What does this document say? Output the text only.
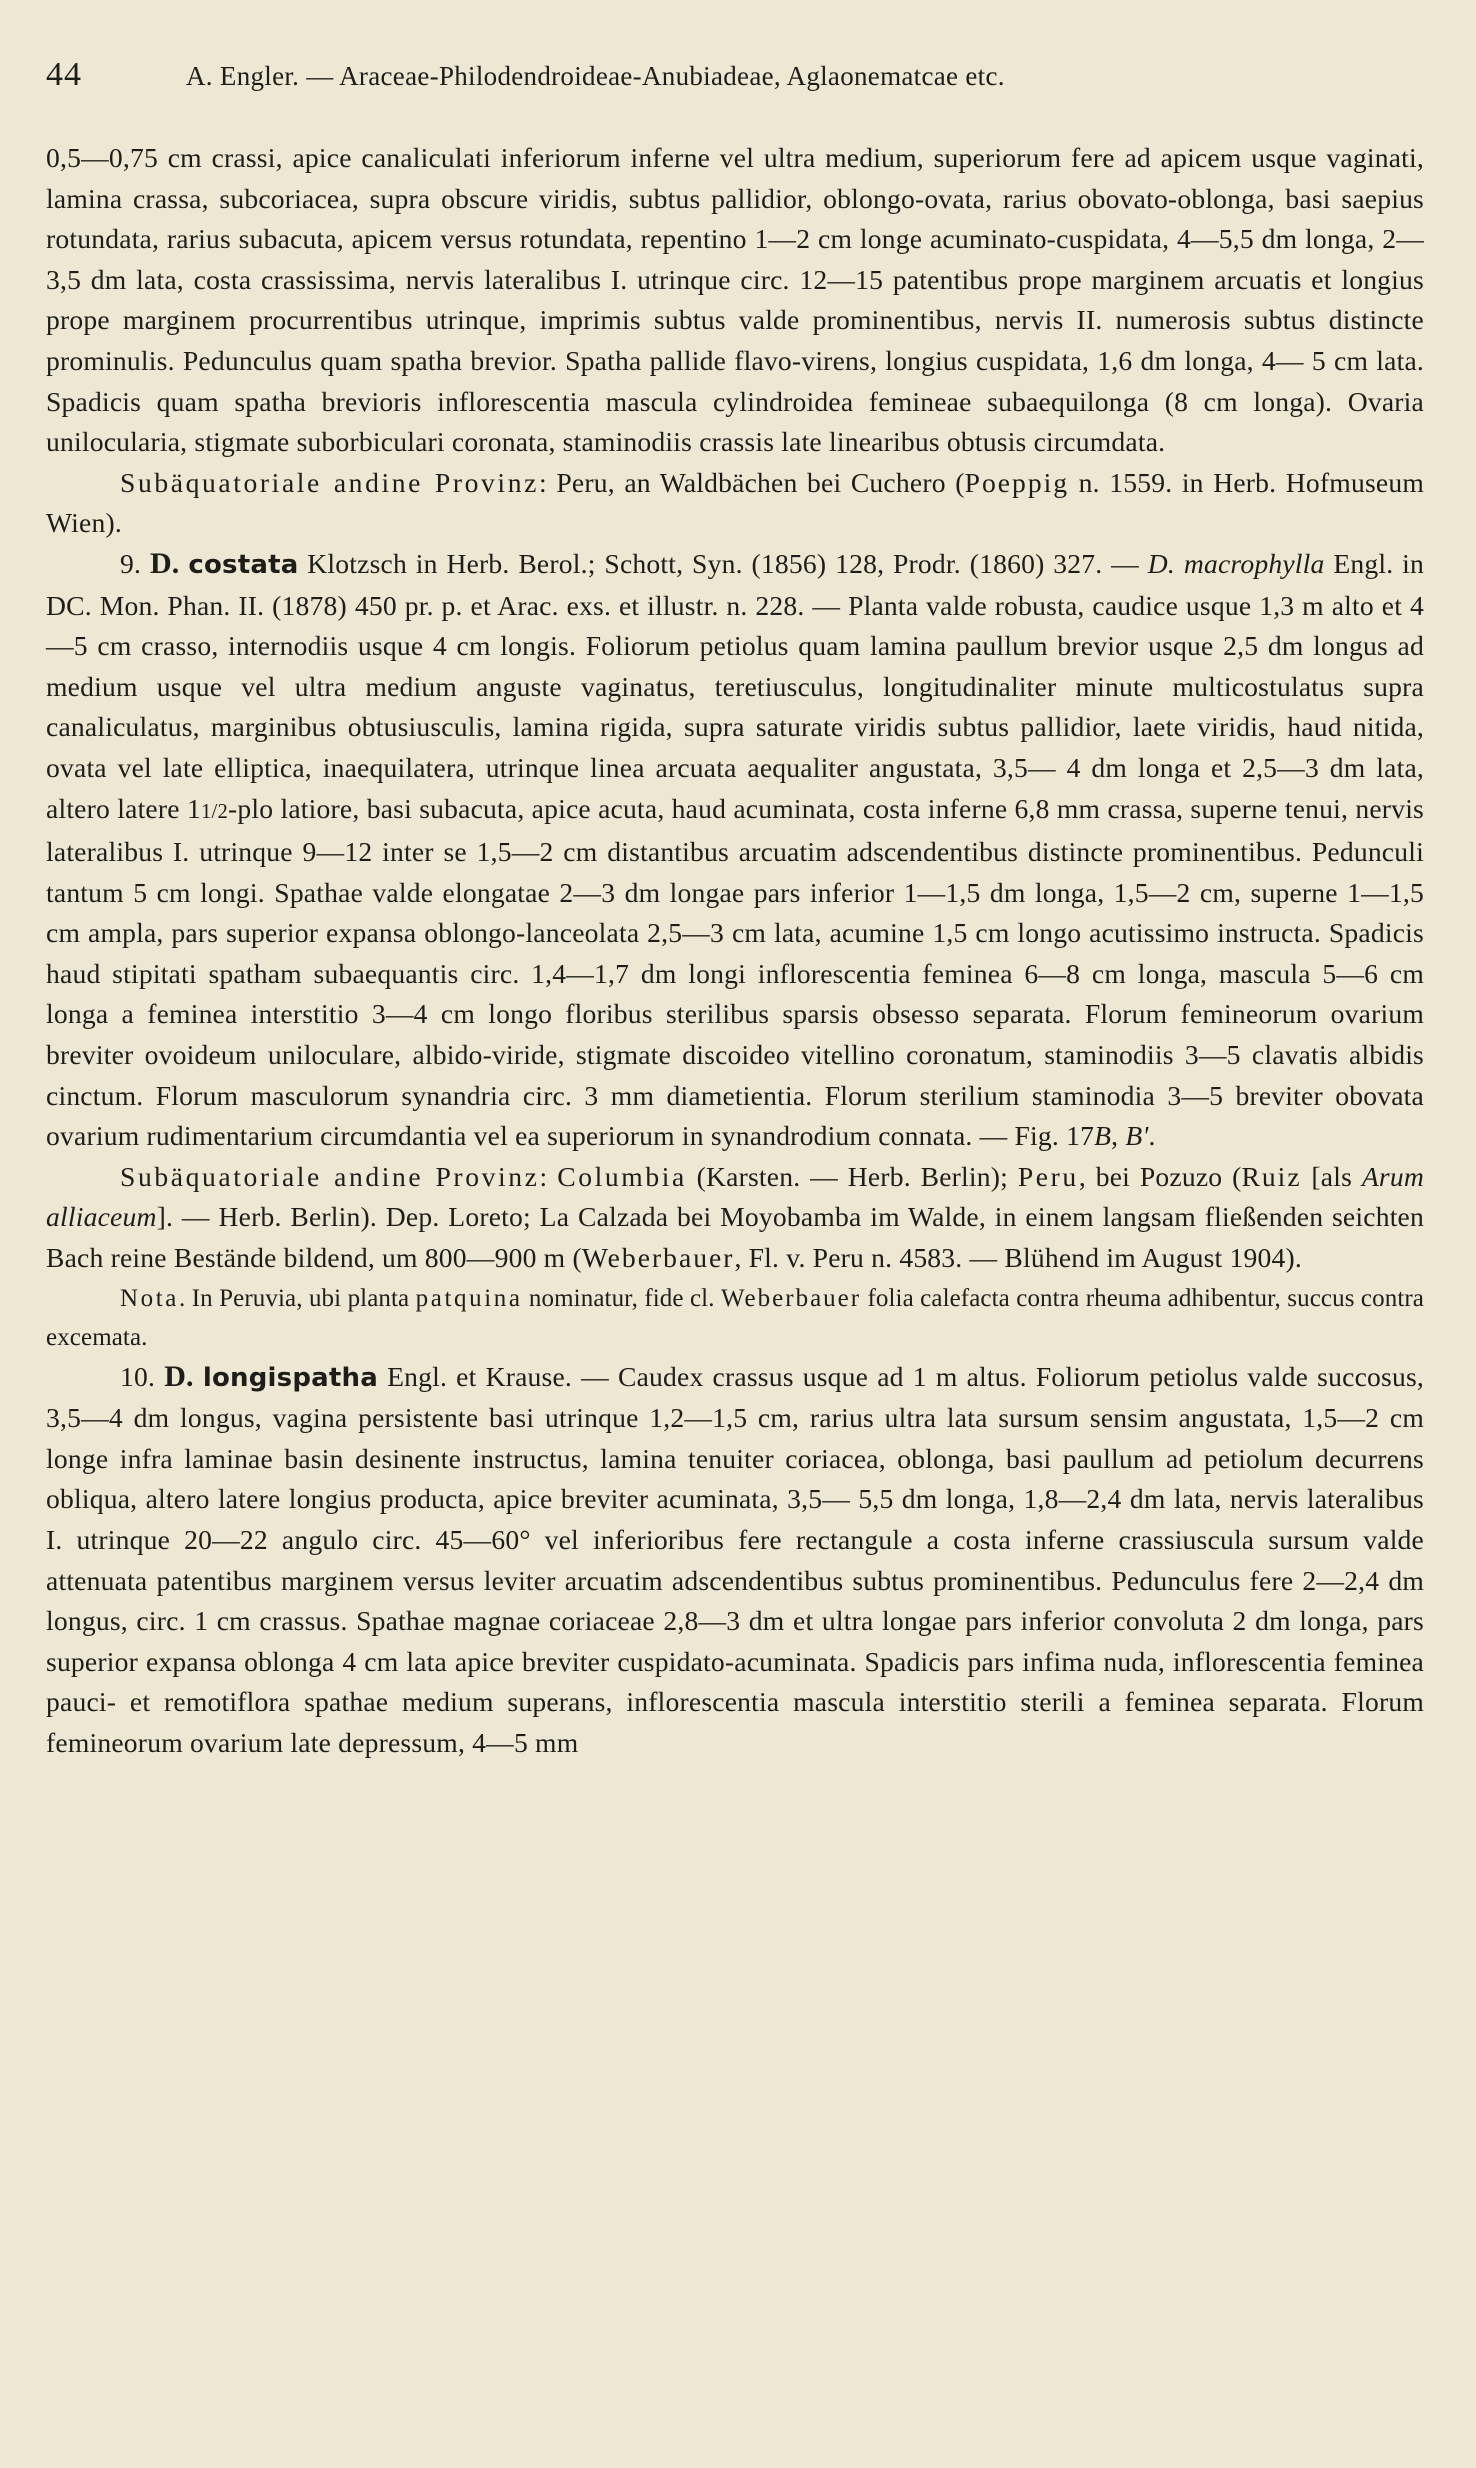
44	A. Engler. — Araceae-Philodendroideae-Anubiadeae, Aglaonematcae etc.

0,5—0,75 cm crassi, apice canaliculati inferiorum inferne vel ultra medium, superiorum fere ad apicem usque vaginati, lamina crassa, subcoriacea, supra obscure viridis, subtus pallidior, oblongo-ovata, rarius obovato-oblonga, basi saepius rotundata, rarius subacuta, apicem versus rotundata, repentino 1—2 cm longe acuminato-cuspidata, 4—5,5 dm longa, 2—3,5 dm lata, costa crassissima, nervis lateralibus I. utrinque circ. 12—15 patentibus prope marginem arcuatis et longius prope marginem procurrentibus utrinque, imprimis subtus valde prominentibus, nervis II. numerosis subtus distincte prominulis. Pedunculus quam spatha brevior. Spatha pallide flavo-virens, longius cuspidata, 1,6 dm longa, 4— 5 cm lata. Spadicis quam spatha brevioris inflorescentia mascula cylindroidea femineae subaequilonga (8 cm longa). Ovaria unilocularia, stigmate suborbiculari coronata, staminodiis crassis late linearibus obtusis circumdata.

Subäquatoriale andine Provinz: Peru, an Waldbächen bei Cuchero (Poeppig n. 1559. in Herb. Hofmuseum Wien).

9. D. costata Klotzsch in Herb. Berol.; Schott, Syn. (1856) 128, Prodr. (1860) 327. — D. macrophylla Engl. in DC. Mon. Phan. II. (1878) 450 pr. p. et Arac. exs. et illustr. n. 228. — Planta valde robusta, caudice usque 1,3 m alto et 4—5 cm crasso, internodiis usque 4 cm longis. Foliorum petiolus quam lamina paullum brevior usque 2,5 dm longus ad medium usque vel ultra medium anguste vaginatus, teretiusculus, longitudinaliter minute multicostulatus supra canaliculatus, marginibus obtusiusculis, lamina rigida, supra saturate viridis subtus pallidior, laete viridis, haud nitida, ovata vel late elliptica, inaequilatera, utrinque linea arcuata aequaliter angustata, 3,5— 4 dm longa et 2,5—3 dm lata, altero latere 11/2-plo latiore, basi subacuta, apice acuta, haud acuminata, costa inferne 6,8 mm crassa, superne tenui, nervis lateralibus I. utrinque 9—12 inter se 1,5—2 cm distantibus arcuatim adscendentibus distincte prominentibus. Pedunculi tantum 5 cm longi. Spathae valde elongatae 2—3 dm longae pars inferior 1—1,5 dm longa, 1,5—2 cm, superne 1—1,5 cm ampla, pars superior expansa oblongo-lanceolata 2,5—3 cm lata, acumine 1,5 cm longo acutissimo instructa. Spadicis haud stipitati spatham subaequantis circ. 1,4—1,7 dm longi inflorescentia feminea 6—8 cm longa, mascula 5—6 cm longa a feminea interstitio 3—4 cm longo floribus sterilibus sparsis obsesso separata. Florum femineorum ovarium breviter ovoideum uniloculare, albido-viride, stigmate discoideo vitellino coronatum, staminodiis 3—5 clavatis albidis cinctum. Florum masculorum synandria circ. 3 mm diametientia. Florum sterilium staminodia 3—5 breviter obovata ovarium rudimentarium circumdantia vel ea superiorum in synandrodium connata. — Fig. 17B, B'.

Subäquatoriale andine Provinz: Columbia (Karsten. — Herb. Berlin); Peru, bei Pozuzo (Ruiz [als Arum alliaceum]. — Herb. Berlin). Dep. Loreto; La Calzada bei Moyobamba im Walde, in einem langsam fließenden seichten Bach reine Bestände bildend, um 800—900 m (Weberbauer, Fl. v. Peru n. 4583. — Blühend im August 1904).

Nota. In Peruvia, ubi planta patquina nominatur, fide cl. Weberbauer folia calefacta contra rheuma adhibentur, succus contra excemata.

10. D. longispatha Engl. et Krause. — Caudex crassus usque ad 1 m altus. Foliorum petiolus valde succosus, 3,5—4 dm longus, vagina persistente basi utrinque 1,2—1,5 cm, rarius ultra lata sursum sensim angustata, 1,5—2 cm longe infra laminae basin desinente instructus, lamina tenuiter coriacea, oblonga, basi paullum ad petiolum decurrens obliqua, altero latere longius producta, apice breviter acuminata, 3,5— 5,5 dm longa, 1,8—2,4 dm lata, nervis lateralibus I. utrinque 20—22 angulo circ. 45—60° vel inferioribus fere rectangule a costa inferne crassiuscula sursum valde attenuata patentibus marginem versus leviter arcuatim adscendentibus subtus prominentibus. Pedunculus fere 2—2,4 dm longus, circ. 1 cm crassus. Spathae magnae coriaceae 2,8—3 dm et ultra longae pars inferior convoluta 2 dm longa, pars superior expansa oblonga 4 cm lata apice breviter cuspidato-acuminata. Spadicis pars infima nuda, inflorescentia feminea pauci- et remotiflora spathae medium superans, inflorescentia mascula interstitio sterili a feminea separata. Florum femineorum ovarium late depressum, 4—5 mm
